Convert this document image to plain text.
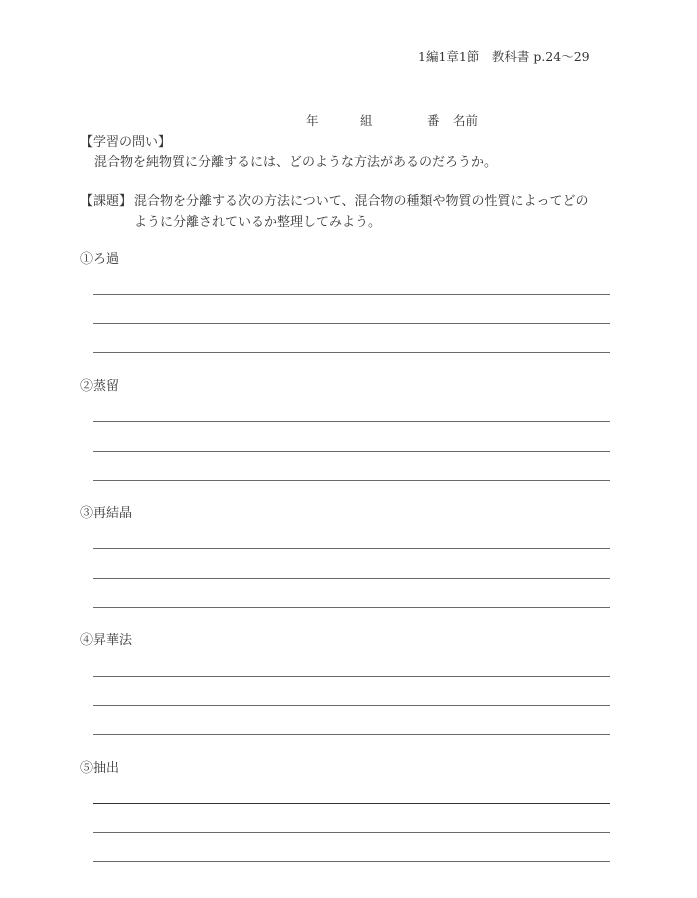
1編1章1節　教科書 p.24～29
年	組	番 名前
【学習の問い】
混合物を純物質に分離するには、どのような方法があるのだろうか。
【課題】 混合物を分離する次の方法について、混合物の種類や物質の性質によってどの
ように分離されているか整理してみよう。
①ろ過
②蒸留
③再結晶
④昇華法
⑤抽出
